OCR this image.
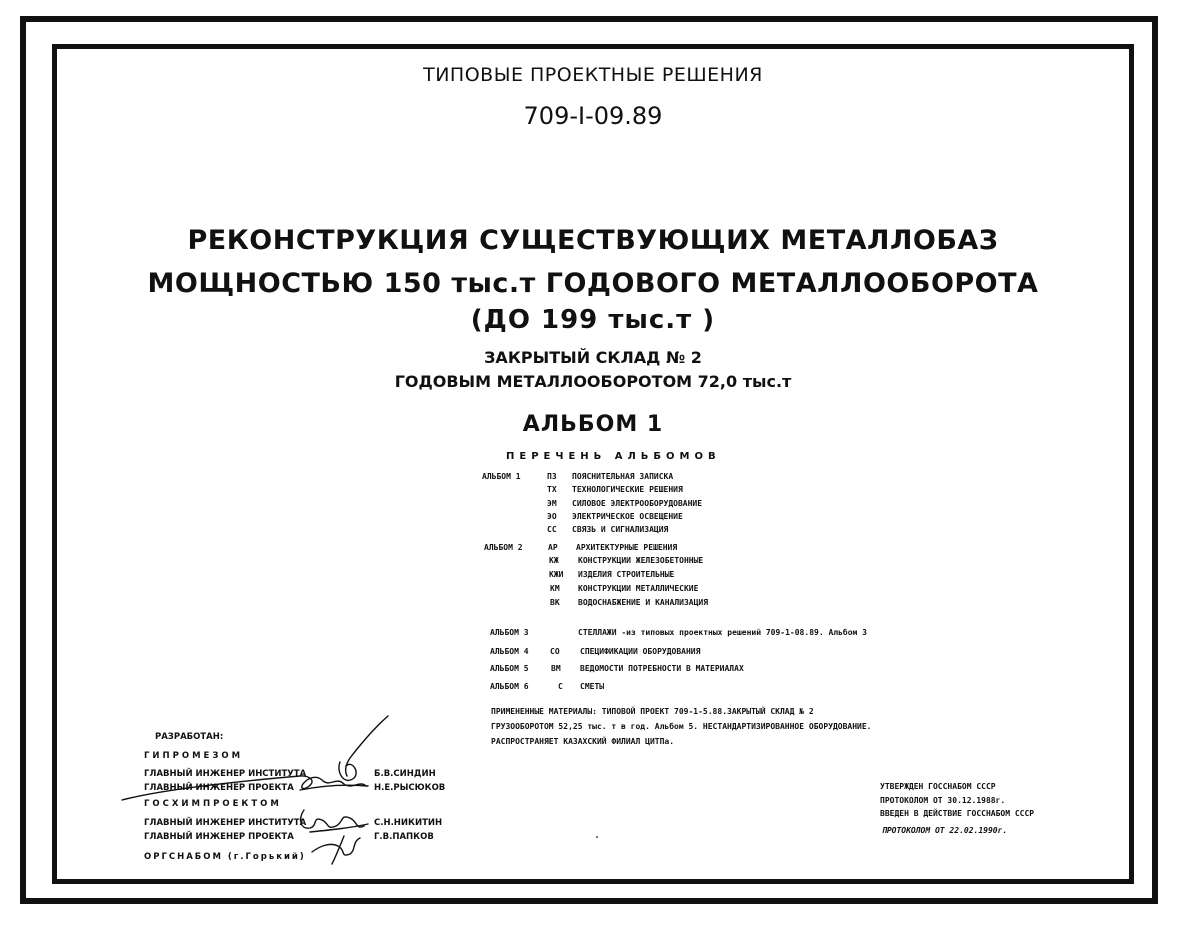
ТИПОВЫЕ ПРОЕКТНЫЕ РЕШЕНИЯ
709-I-09.89
РЕКОНСТРУКЦИЯ СУЩЕСТВУЮЩИХ МЕТАЛЛОБАЗ
МОЩНОСТЬЮ 150 тыс.т ГОДОВОГО МЕТАЛЛООБОРОТА
(ДО 199 тыс.т )
ЗАКРЫТЫЙ СКЛАД № 2
ГОДОВЫМ МЕТАЛЛООБОРОТОМ 72,0 тыс.т
АЛЬБОМ 1
ПЕРЕЧЕНЬ АЛЬБОМОВ
АЛЬБОМ 1	ПЗ ПОЯСНИТЕЛЬНАЯ ЗАПИСКА
ТХ ТЕХНОЛОГИЧЕСКИЕ РЕШЕНИЯ
ЭМ СИЛОВОЕ ЭЛЕКТРООБОРУДОВАНИЕ
ЭО ЭЛЕКТРИЧЕСКОЕ ОСВЕЩЕНИЕ
СС СВЯЗЬ И СИГНАЛИЗАЦИЯ
АЛЬБОМ 2	АР АРХИТЕКТУРНЫЕ РЕШЕНИЯ
КЖ КОНСТРУКЦИИ ЖЕЛЕЗОБЕТОННЫЕ
КЖИ ИЗДЕЛИЯ СТРОИТЕЛЬНЫЕ
КМ КОНСТРУКЦИИ МЕТАЛЛИЧЕСКИЕ
ВК ВОДОСНАБЖЕНИЕ И КАНАЛИЗАЦИЯ
АЛЬБОМ 3	СТЕЛЛАЖИ -из типовых проектных решений 709-1-08.89. Альбом 3
АЛЬБОМ 4	СО	СПЕЦИФИКАЦИИ ОБОРУДОВАНИЯ
АЛЬБОМ 5	ВМ ВЕДОМОСТИ ПОТРЕБНОСТИ В МАТЕРИАЛАХ
АЛЬБОМ 6	С СМЕТЫ
ПРИМЕНЕННЫЕ МАТЕРИАЛЫ: ТИПОВОЙ ПРОЕКТ 709-1-5.88.ЗАКРЫТЫЙ СКЛАД № 2
ГРУЗООБОРОТОМ 52,25 тыс. т в год. Альбом 5. НЕСТАНДАРТИЗИРОВАННОЕ ОБОРУДОВАНИЕ.
РАСПРОСТРАНЯЕТ КАЗАХСКИЙ ФИЛИАЛ ЦИТПа.
РАЗРАБОТАН:
ГИПРОМЕЗОМ
ГЛАВНЫЙ ИНЖЕНЕР ИНСТИТУТА	Б.В.СИНДИН
ГЛАВНЫЙ ИНЖЕНЕР ПРОЕКТА	Н.Е.РЫСЮКОВ
ГОСХИМПРОЕКТОМ
ГЛАВНЫЙ ИНЖЕНЕР ИНСТИТУТА	С.Н.НИКИТИН
ГЛАВНЫЙ ИНЖЕНЕР ПРОЕКТА	Г.В.ПАПКОВ
ОРГСНАБОМ (г.Горький)
УТВЕРЖДЕН ГОССНАБОМ СССР
ПРОТОКОЛОМ ОТ 30.12.1988г.
ВВЕДЕН В ДЕЙСТВИЕ ГОССНАБОМ СССР
ПРОТОКОЛОМ ОТ 22.02.1990г.
